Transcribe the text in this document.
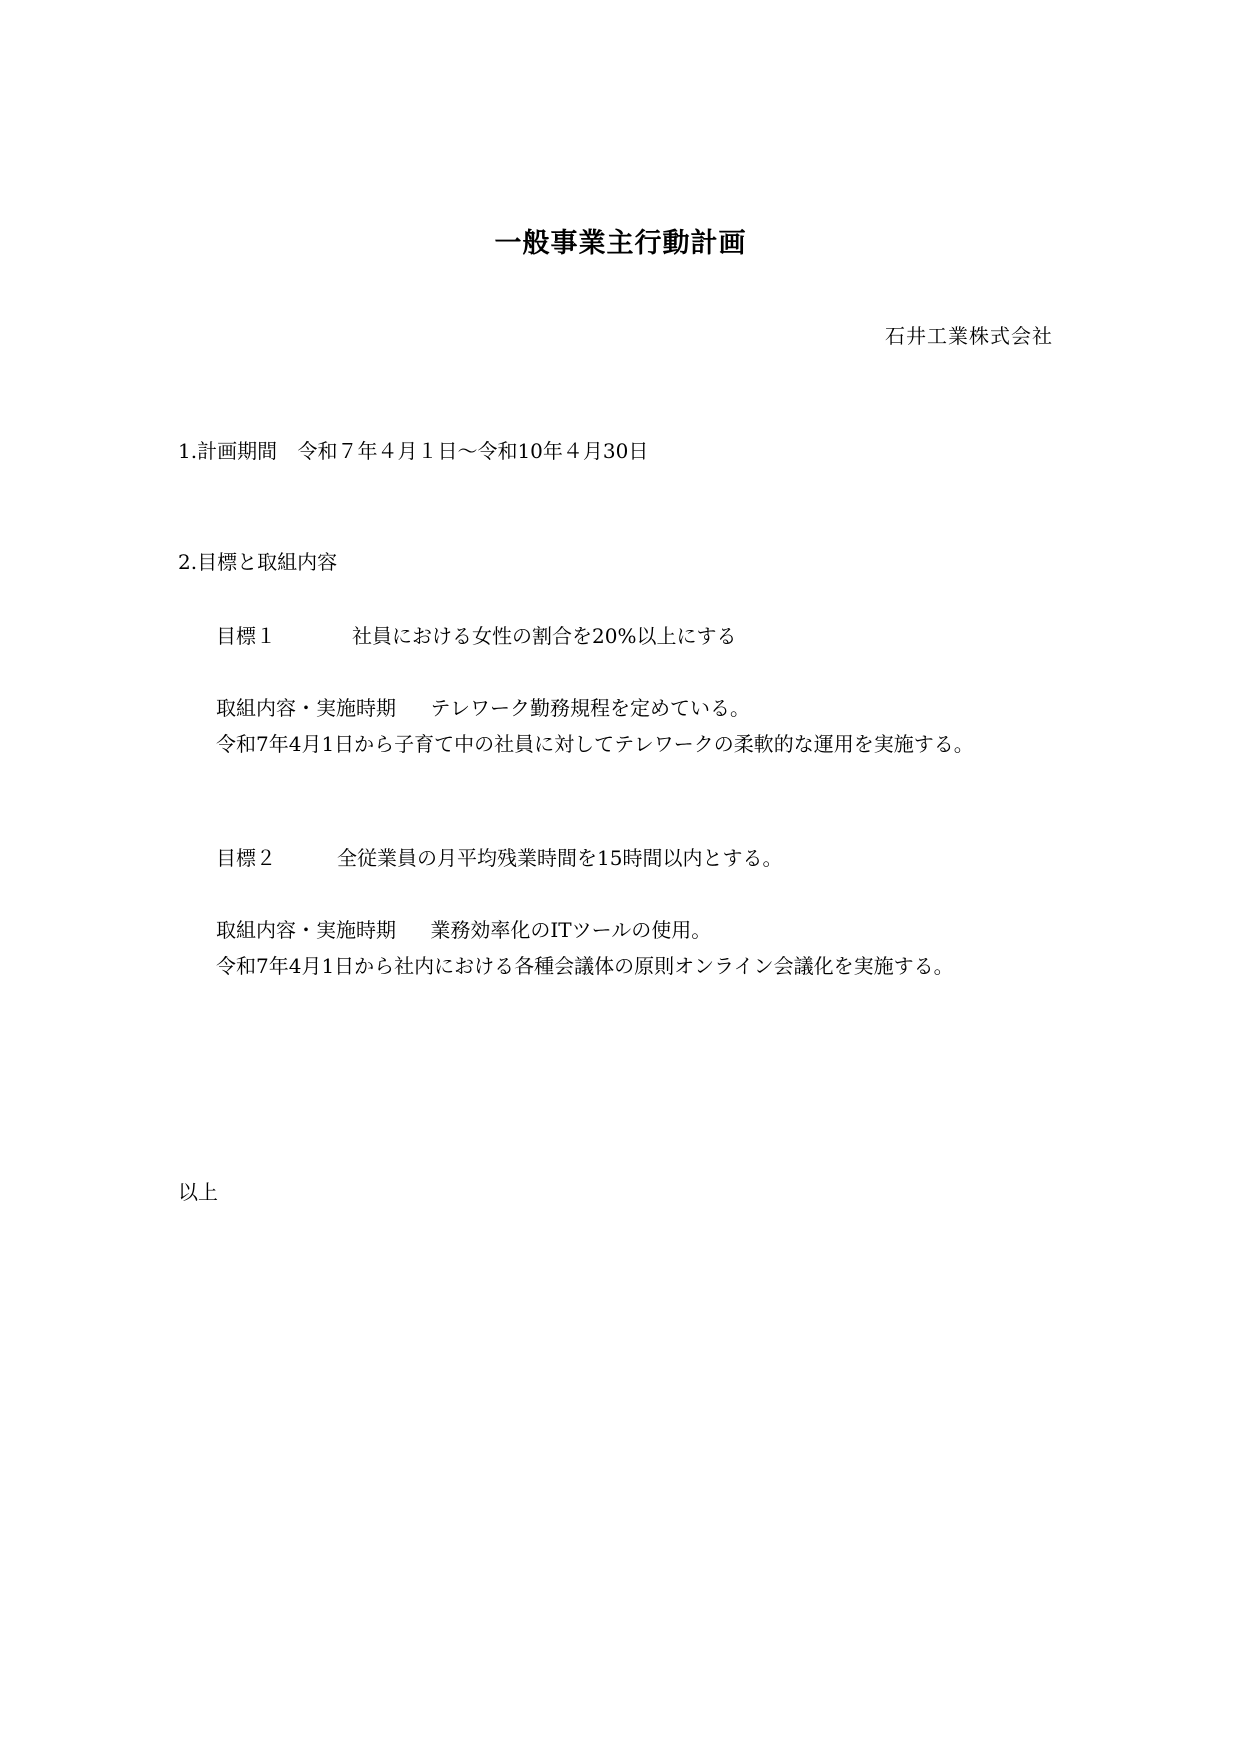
一般事業主行動計画
石井工業株式会社
1.計画期間 令和７年４月１日～令和10年４月30日
2.目標と取組内容
目標１	社員における女性の割合を20%以上にする
取組内容・実施時期 テレワーク勤務規程を定めている。
令和7年4月1日から子育て中の社員に対してテレワークの柔軟的な運用を実施する。
目標２	全従業員の月平均残業時間を15時間以内とする。
取組内容・実施時期 業務効率化のITツールの使用。
令和7年4月1日から社内における各種会議体の原則オンライン会議化を実施する。
以上
